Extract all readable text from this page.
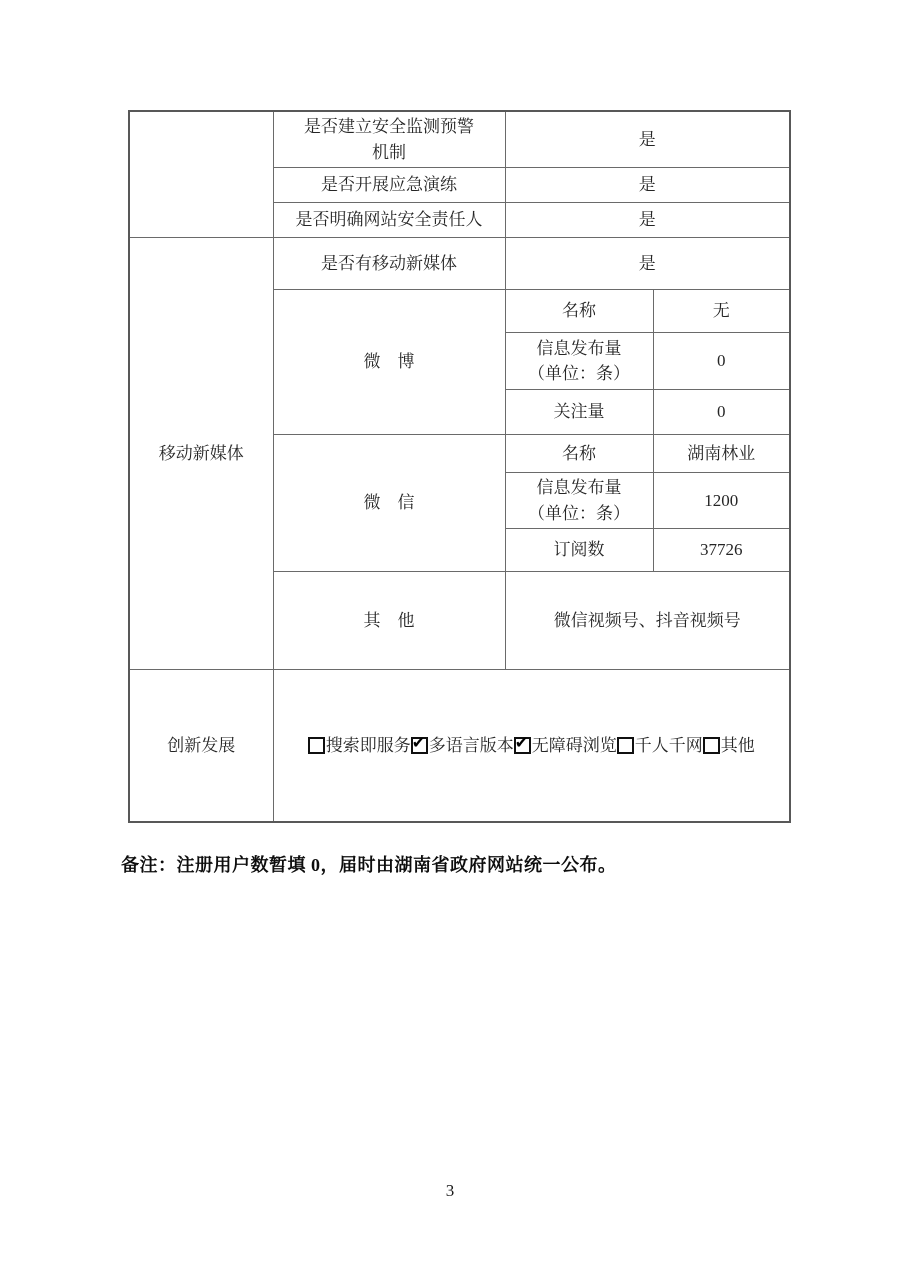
	是否建立安全监测预警
机制	是	
	是否开展应急演练	是	
	是否明确网站安全责任人	是	
移动新媒体	是否有移动新媒体	是	
	微　博	名称	无

		信息发布量
（单位：条）	0
		关注量	0
	微　信	名称	湖南林业

		信息发布量
（单位：条）	1200
		订阅数	37726
	其　他	微信视频号、抖音视频号	
创新发展	搜索即服务 ✔ 多语言版本 ✔ 无障碍浏览 千人千网 其他
备注：注册用户数暂填 0，届时由湖南省政府网站统一公布。
3
